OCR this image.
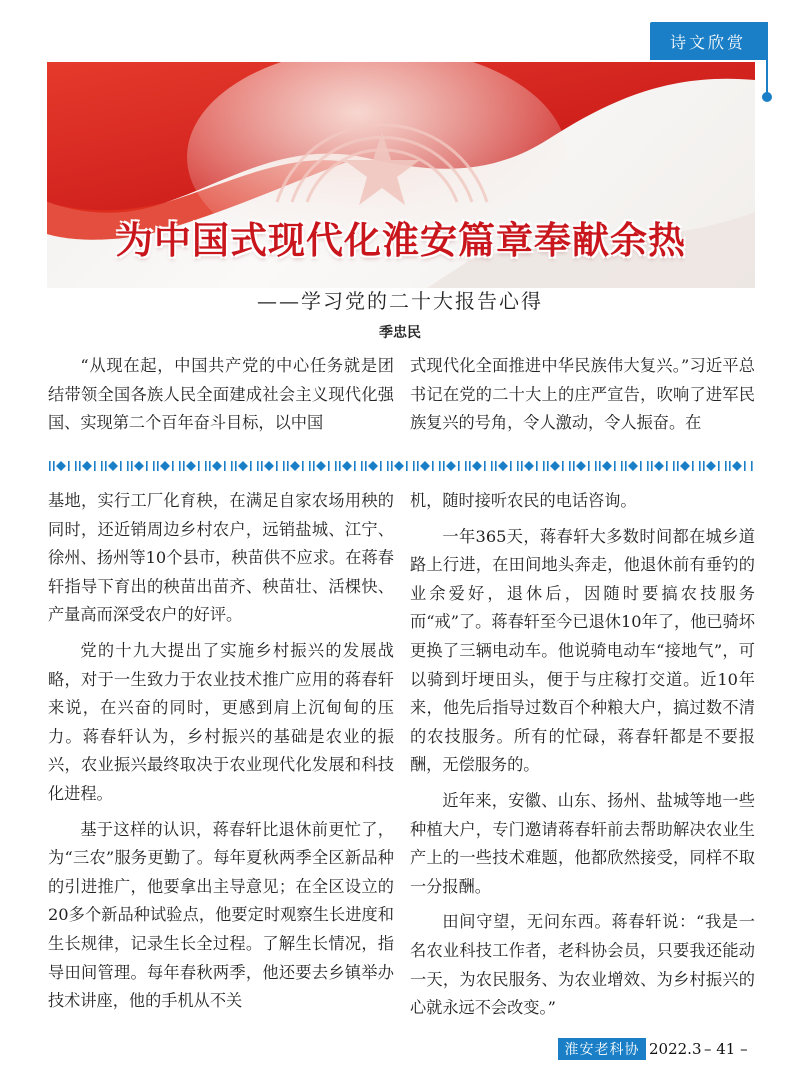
诗文欣赏
为中国式现代化淮安篇章奉献余热
——学习党的二十大报告心得
季忠民

“从现在起，中国共产党的中心任务就是团结带领全国各族人民全面建成社会主义现代化强国、实现第二个百年奋斗目标，以中国

式现代化全面推进中华民族伟大复兴。”习近平总书记在党的二十大上的庄严宣告，吹响了进军民族复兴的号角，令人激动，令人振奋。在

基地，实行工厂化育秧，在满足自家农场用秧的同时，还近销周边乡村农户，远销盐城、江宁、徐州、扬州等10个县市，秧苗供不应求。在蒋春轩指导下育出的秧苗出苗齐、秧苗壮、活棵快、产量高而深受农户的好评。

党的十九大提出了实施乡村振兴的发展战略，对于一生致力于农业技术推广应用的蒋春轩来说，在兴奋的同时，更感到肩上沉甸甸的压力。蒋春轩认为，乡村振兴的基础是农业的振兴，农业振兴最终取决于农业现代化发展和科技化进程。

基于这样的认识，蒋春轩比退休前更忙了，为“三农”服务更勤了。每年夏秋两季全区新品种的引进推广，他要拿出主导意见；在全区设立的20多个新品种试验点，他要定时观察生长进度和生长规律，记录生长全过程。了解生长情况，指导田间管理。每年春秋两季，他还要去乡镇举办技术讲座，他的手机从不关

机，随时接听农民的电话咨询。

一年365天，蒋春轩大多数时间都在城乡道路上行进，在田间地头奔走，他退休前有垂钓的业余爱好，退休后，因随时要搞农技服务而“戒”了。蒋春轩至今已退休10年了，他已骑坏更换了三辆电动车。他说骑电动车“接地气”，可以骑到圩埂田头，便于与庄稼打交道。近10年来，他先后指导过数百个种粮大户，搞过数不清的农技服务。所有的忙碌，蒋春轩都是不要报酬，无偿服务的。

近年来，安徽、山东、扬州、盐城等地一些种植大户，专门邀请蒋春轩前去帮助解决农业生产上的一些技术难题，他都欣然接受，同样不取一分报酬。

田间守望，无问东西。蒋春轩说：“我是一名农业科技工作者，老科协会员，只要我还能动一天，为农民服务、为农业增效、为乡村振兴的心就永远不会改变。”

淮安老科协 2022.3 – 41 –
